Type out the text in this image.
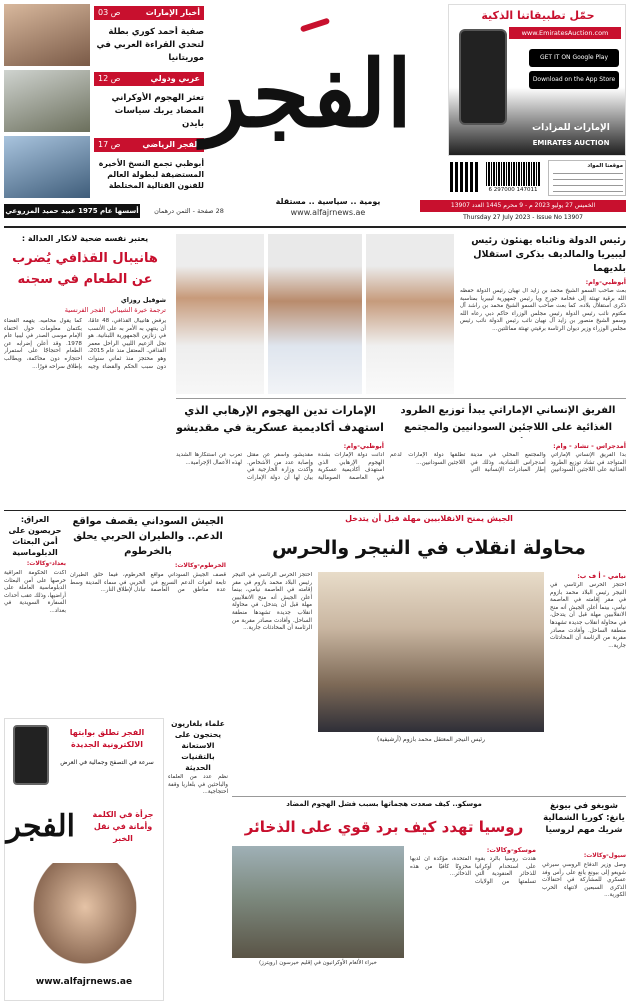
أخبار الإمارات
ص 03
صفية أحمد كوري بطلة لتحدي القراءة العربي في موريتانيا
عربي ودولي
ص 12
تعثر الهجوم الأوكراني المضاد يربك سياسات بايدن
الفجر الرياضي
ص 17
أبوظبي تجمع النسخ الأخيرة المستضيفة لبطولة العالم للفنون القتالية المختلطة
الفجر
يومية .. سياسية .. مستقلة
www.alfajrnews.ae
حمّل تطبيقاتنا الذكية
www.EmiratesAuction.com
GET IT ON Google Play
Download on the App Store
الإمارات للمزادات
EMIRATES AUCTION
6 297000 147011
موقعنا المواد
أسسها عام 1975 عبيد حميد المزروعي	28 صفحة - الثمن درهمان
الخميس 27 يوليو 2023 م - 9 محرم 1445 العدد 13907
Thursday 27 July 2023 - Issue No 13907
يعتبر نفسه ضحية لانكار العدالة :
هانيبال القذافي يُضرب عن الطعام في سجنه
شوقيل روزاي
ترجمة خيرة الشيباني الفجر الفرنسية
يرفض هانيبال القذافي، 48 عامًا، أن ينتهي به الأمر به على الأنسب في زنازين الجمهورية اللبنانية. هو نجل الزعيم الليبي الراحل معمر القذافي. المعتقل منذ عام 2015، وهو محتجز منذ ثماني سنوات دون سبب الحكم والقضاء وجيه كما يقول محاميه. يتهمه القضاء بكتمان معلومات حول اختفاء الإمام موسى الصدر في ليبيا عام 1978. وقد أعلن إضرابه عن الطعام احتجاجًا على استمرار احتجازه دون محاكمة، ويطالب بإطلاق سراحه فورًا...
رئيس الدولة ونائباه يهنئون رئيس ليبيريا والمالديف بذكرى استقلال بلديهما
أبوظبي-وام:
بعث صاحب السمو الشيخ محمد بن زايد آل نهيان رئيس الدولة حفظه الله برقية تهنئة إلى فخامة جورج ويا رئيس جمهورية ليبيريا بمناسبة ذكرى استقلال بلاده. كما بعث صاحب السمو الشيخ محمد بن راشد آل مكتوم نائب رئيس الدولة رئيس مجلس الوزراء حاكم دبي رعاه الله وسمو الشيخ منصور بن زايد آل نهيان نائب رئيس الدولة نائب رئيس مجلس الوزراء وزير ديوان الرئاسة برقيتي تهنئة مماثلتين...
الإمارات تدين الهجوم الإرهابي الذي استهدف أكاديمية عسكرية في مقديشو
أبوظبي-وام:
أدانت دولة الإمارات بشدة الهجوم الإرهابي الذي استهدف أكاديمية عسكرية في العاصمة الصومالية مقديشو، وأسفر عن مقتل وإصابة عدد من الأشخاص. وأكدت وزارة الخارجية في بيان لها أن دولة الإمارات تعرب عن استنكارها الشديد لهذه الأعمال الإجرامية...
الفريق الإنساني الإماراتي يبدأ توزيع الطرود الغذائية على اللاجئين السودانيين والمجتمع
أمدجراس - تشاد - وام:
بدأ الفريق الإنساني الإماراتي المتواجد في تشاد توزيع الطرود الغذائية على اللاجئين السودانيين والمجتمع المحلي في مدينة أمدجراس التشادية، وذلك في إطار المبادرات الإنسانية التي تطلقها دولة الإمارات لدعم اللاجئين السودانيين...
العراق: حريصون على أمن البعثات الدبلوماسية
بغداد-وكالات:
أكدت الحكومة العراقية حرصها على أمن البعثات الدبلوماسية العاملة على أراضيها، وذلك عقب أحداث السفارة السويدية في بغداد...
الجيش السوداني يقصف مواقع الدعم.. والطيران الحربي يحلق بالخرطوم
الخرطوم-وكالات:
قصف الجيش السوداني مواقع تابعة لقوات الدعم السريع في عدة مناطق من العاصمة الخرطوم، فيما حلق الطيران الحربي في سماء المدينة وسط تبادل لإطلاق النار...
الجيش يمنح الانقلابيين مهلة قبل أن يتدخل
محاولة انقلاب في النيجر والحرس
رئيس النيجر المعتقل محمد بازوم (أرشيفية)
نيامي - أ ف ب:
احتجز الحرس الرئاسي في النيجر رئيس البلاد محمد بازوم في مقر إقامته في العاصمة نيامي، بينما أعلن الجيش أنه منح الانقلابيين مهلة قبل أن يتدخل، في محاولة انقلاب جديدة تشهدها منطقة الساحل. وأفادت مصادر مقربة من الرئاسة أن المحادثات جارية...
احتجز الحرس الرئاسي في النيجر رئيس البلاد محمد بازوم في مقر إقامته في العاصمة نيامي، بينما أعلن الجيش أنه منح الانقلابيين مهلة قبل أن يتدخل، في محاولة انقلاب جديدة تشهدها منطقة الساحل. وأفادت مصادر مقربة من الرئاسة أن المحادثات جارية...
الفجر تطلق بوابتها الالكترونية الجديدة
سرعة في التصفح وجمالية في العرض
الفجر	جرأة في الكلمة وأمانة في نقل الخبر
www.alfajrnews.ae
علماء بلغاريون يحتجون على الاستعانة بالتقنيات الحديثة
نظم عدد من العلماء والباحثين في بلغاريا وقفة احتجاجية...
موسكو.. كيف صعدت هجماتها بسبب فشل الهجوم المضاد
روسيا تهدد كيف برد قوي على الذخائر
خبراء الألغام الأوكرانيون في إقليم خيرسون (رويترز)
موسكو-وكالات:
هددت روسيا بالرد بقوة على استخدام أوكرانيا للذخائر العنقودية التي تسلمتها من الولايات المتحدة، مؤكدة أن لديها مخزونًا كافيًا من هذه الذخائر...
شويغو في بيونغ يانغ: كوريا الشمالية شريك مهم لروسيا
سيول-وكالات:
وصل وزير الدفاع الروسي سيرغي شويغو إلى بيونغ يانغ على رأس وفد عسكري للمشاركة في احتفالات الذكرى السبعين لانتهاء الحرب الكورية...
